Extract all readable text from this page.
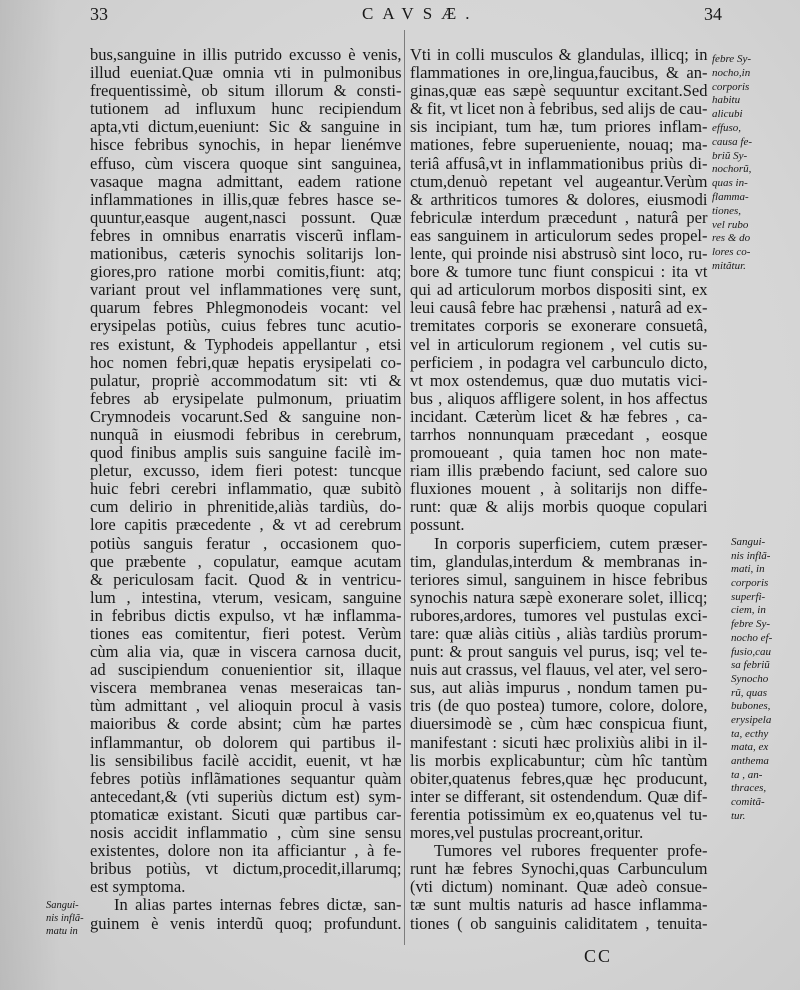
33	CAVSÆ.	34
bus,sanguine in illis putrido excusso è venis,
illud eueniat.Quæ omnia vti in pulmonibus
frequentissimè, ob situm illorum & consti-
tutionem ad influxum hunc recipiendum
apta,vti dictum,eueniunt: Sic & sanguine in
hisce febribus synochis, in hepar lienémve
effuso, cùm viscera quoque sint sanguinea,
vasaque magna admittant, eadem ratione
inflammationes in illis,quæ febres hasce se-
quuntur,easque augent,nasci possunt. Quæ
febres in omnibus enarratis viscerũ inflam-
mationibus, cæteris synochis solitarijs lon-
giores,pro ratione morbi comitis,fiunt: atq;
variant prout vel inflammationes verę sunt,
quarum febres Phlegmonodeis vocant: vel
erysipelas potiùs, cuius febres tunc acutio-
res existunt, & Typhodeis appellantur , etsi
hoc nomen febri,quæ hepatis erysipelati co-
pulatur, propriè accommodatum sit: vti &
febres ab erysipelate pulmonum, priuatim
Crymnodeis vocarunt.Sed & sanguine non-
nunquã in eiusmodi febribus in cerebrum,
quod finibus amplis suis sanguine facilè im-
pletur, excusso, idem fieri potest: tuncque
huic febri cerebri inflammatio, quæ subitò
cum delirio in phrenitide,aliàs tardiùs, do-
lore capitis præcedente , & vt ad cerebrum
potiùs sanguis feratur , occasionem quo-
que præbente , copulatur, eamque acutam
& periculosam facit. Quod & in ventricu-
lum , intestina, vterum, vesicam, sanguine
in febribus dictis expulso, vt hæ inflamma-
tiones eas comitentur, fieri potest. Verùm
cùm alia via, quæ in viscera carnosa ducit,
ad suscipiendum conuenientior sit, illaque
viscera membranea venas meseraicas tan-
tùm admittant , vel alioquin procul à vasis
maioribus & corde absint; cùm hæ partes
inflammantur, ob dolorem qui partibus il-
lis sensibilibus facilè accidit, euenit, vt hæ
febres potiùs inflãmationes sequantur quàm
antecedant,& (vti superiùs dictum est) sym-
ptomaticæ existant. Sicuti quæ partibus car-
nosis accidit inflammatio , cùm sine sensu
existentes, dolore non ita afficiantur , à fe-
bribus potiùs, vt dictum,procedit,illarumq;
est symptoma.
In alias partes internas febres dictæ, san-
guinem è venis interdũ quoq; profundunt.
Vti in colli musculos & glandulas, illicq; in
flammationes in ore,lingua,faucibus, & an-
ginas,quæ eas sæpè sequuntur excitant.Sed
& fit, vt licet non à febribus, sed alijs de cau-
sis incipiant, tum hæ, tum priores inflam-
mationes, febre superueniente, nouaq; ma-
teriâ affusâ,vt in inflammationibus priùs di-
ctum,denuò repetant vel augeantur.Verùm
& arthriticos tumores & dolores, eiusmodi
febriculæ interdum præcedunt , naturâ per
eas sanguinem in articulorum sedes propel-
lente, qui proinde nisi abstrusò sint loco, ru-
bore & tumore tunc fiunt conspicui : ita vt
qui ad articulorum morbos dispositi sint, ex
leui causâ febre hac præhensi , naturâ ad ex-
tremitates corporis se exonerare consuetâ,
vel in articulorum regionem , vel cutis su-
perficiem , in podagra vel carbunculo dicto,
vt mox ostendemus, quæ duo mutatis vici-
bus , aliquos affligere solent, in hos affectus
incidant. Cæterùm licet & hæ febres , ca-
tarrhos nonnunquam præcedant , eosque
promoueant , quia tamen hoc non mate-
riam illis præbendo faciunt, sed calore suo
fluxiones mouent , à solitarijs non diffe-
runt: quæ & alijs morbis quoque copulari
possunt.
In corporis superficiem, cutem præser-
tim, glandulas,interdum & membranas in-
teriores simul, sanguinem in hisce febribus
synochis natura sæpè exonerare solet, illicq;
rubores,ardores, tumores vel pustulas exci-
tare: quæ aliàs citiùs , aliàs tardiùs prorum-
punt: & prout sanguis vel purus, isq; vel te-
nuis aut crassus, vel flauus, vel ater, vel sero-
sus, aut aliàs impurus , nondum tamen pu-
tris (de quo postea) tumore, colore, dolore,
diuersimodè se , cùm hæc conspicua fiunt,
manifestant : sicuti hæc prolixiùs alibi in il-
lis morbis explicabuntur; cùm hîc tantùm
obiter,quatenus febres,quæ hęc producunt,
inter se differant, sit ostendendum. Quæ dif-
ferentia potissimùm ex eo,quatenus vel tu-
mores,vel pustulas procreant,oritur.
Tumores vel rubores frequenter profe-
runt hæ febres Synochi,quas Carbunculum
(vti dictum) nominant. Quæ adeò consue-
tæ sunt multis naturis ad hasce inflamma-
tiones ( ob sanguinis caliditatem , tenuita-
febre Sy-
nocho,in
corporis
habitu
alicubi
effuso,
causa fe-
briũ Sy-
nochorũ,
quas in-
flamma-
tiones,
vel rubo
res & do
lores co-
mitãtur.
Sangui-
nis inflã-
mati, in
corporis
superfi-
ciem, in
febre Sy-
nocho ef-
fusio,cau
sa febriũ
Synocho
rũ, quas
bubones,
erysipela
ta, ecthy
mata, ex
anthema
ta , an-
thraces,
comitã-
tur.
Sangui-
nis inflã-
matu in
CC
